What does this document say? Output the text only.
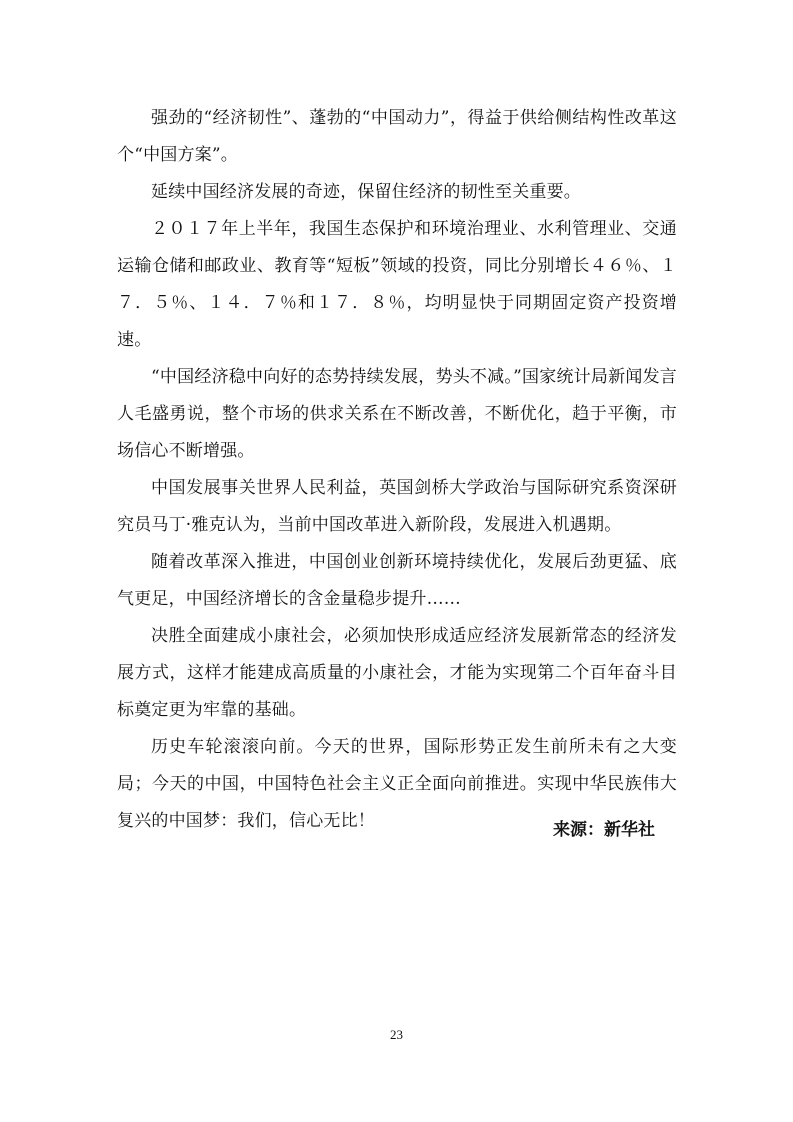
强劲的“经济韧性”、蓬勃的“中国动力”，得益于供给侧结构性改革这个“中国方案”。

延续中国经济发展的奇迹，保留住经济的韧性至关重要。

２０１７年上半年，我国生态保护和环境治理业、水利管理业、交通运输仓储和邮政业、教育等“短板”领域的投资，同比分别增长４６％、１７．５％、１４．７％和１７．８％，均明显快于同期固定资产投资增速。

“中国经济稳中向好的态势持续发展，势头不减。”国家统计局新闻发言人毛盛勇说，整个市场的供求关系在不断改善，不断优化，趋于平衡，市场信心不断增强。

中国发展事关世界人民利益，英国剑桥大学政治与国际研究系资深研究员马丁·雅克认为，当前中国改革进入新阶段，发展进入机遇期。

随着改革深入推进，中国创业创新环境持续优化，发展后劲更猛、底气更足，中国经济增长的含金量稳步提升……

决胜全面建成小康社会，必须加快形成适应经济发展新常态的经济发展方式，这样才能建成高质量的小康社会，才能为实现第二个百年奋斗目标奠定更为牢靠的基础。

历史车轮滚滚向前。今天的世界，国际形势正发生前所未有之大变局；今天的中国，中国特色社会主义正全面向前推进。实现中华民族伟大复兴的中国梦：我们，信心无比！	来源：新华社
23
